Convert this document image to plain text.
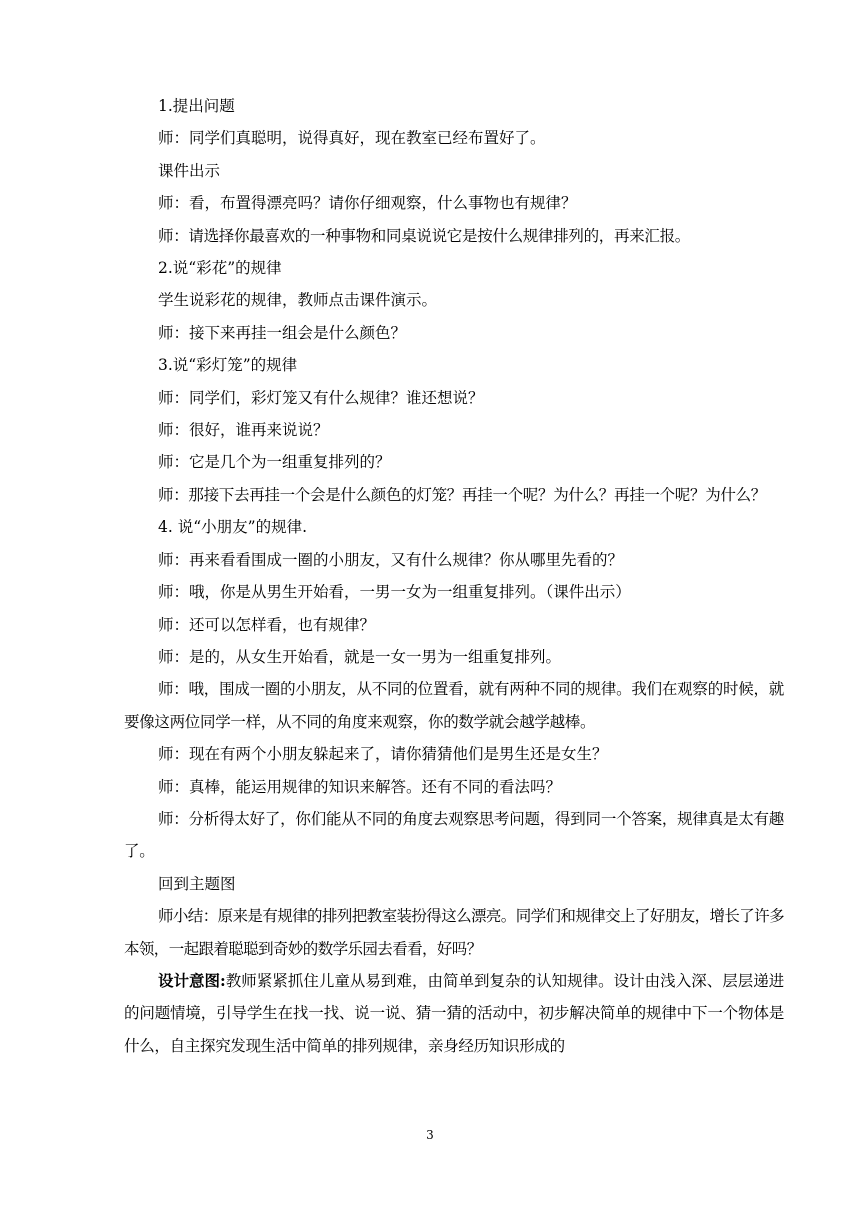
1.提出问题

师：同学们真聪明，说得真好，现在教室已经布置好了。

课件出示

师：看，布置得漂亮吗？请你仔细观察，什么事物也有规律？

师：请选择你最喜欢的一种事物和同桌说说它是按什么规律排列的，再来汇报。

2.说“彩花”的规律

学生说彩花的规律，教师点击课件演示。

师：接下来再挂一组会是什么颜色？

3.说“彩灯笼”的规律

师：同学们，彩灯笼又有什么规律？谁还想说？

师：很好，谁再来说说？

师：它是几个为一组重复排列的？

师：那接下去再挂一个会是什么颜色的灯笼？再挂一个呢？为什么？再挂一个呢？为什么？

4. 说“小朋友”的规律.

师：再来看看围成一圈的小朋友，又有什么规律？你从哪里先看的？

师：哦，你是从男生开始看，一男一女为一组重复排列。（课件出示）

师：还可以怎样看，也有规律？

师：是的，从女生开始看，就是一女一男为一组重复排列。

师：哦，围成一圈的小朋友，从不同的位置看，就有两种不同的规律。我们在观察的时候，就要像这两位同学一样，从不同的角度来观察，你的数学就会越学越棒。

师：现在有两个小朋友躲起来了，请你猜猜他们是男生还是女生？

师：真棒，能运用规律的知识来解答。还有不同的看法吗？

师：分析得太好了，你们能从不同的角度去观察思考问题，得到同一个答案，规律真是太有趣了。

回到主题图

师小结：原来是有规律的排列把教室装扮得这么漂亮。同学们和规律交上了好朋友，增长了许多本领，一起跟着聪聪到奇妙的数学乐园去看看，好吗？

设计意图:教师紧紧抓住儿童从易到难，由简单到复杂的认知规律。设计由浅入深、层层递进的问题情境，引导学生在找一找、说一说、猜一猜的活动中，初步解决简单的规律中下一个物体是什么，自主探究发现生活中简单的排列规律，亲身经历知识形成的

3
